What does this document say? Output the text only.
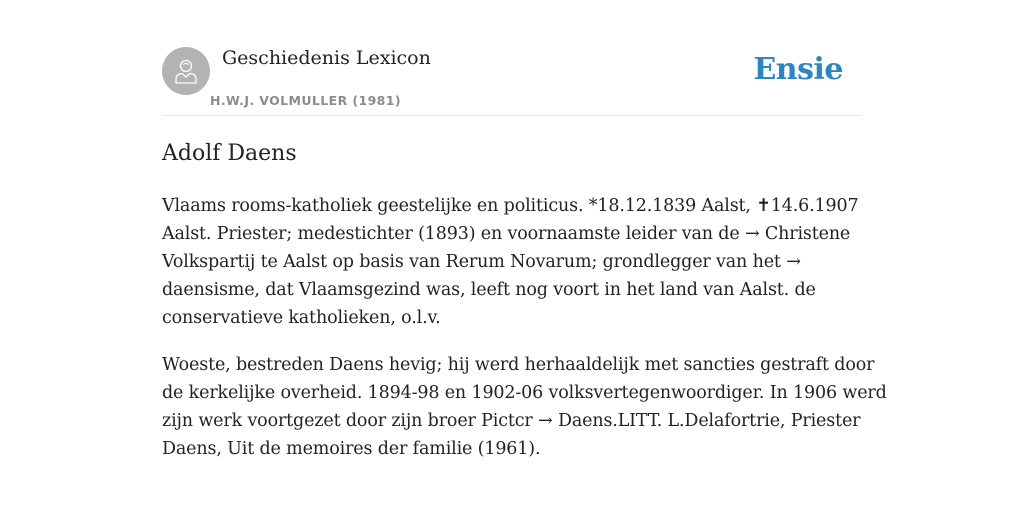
Geschiedenis Lexicon
H.W.J. VOLMULLER (1981)
Ensie
Adolf Daens

Vlaams rooms-katholiek geestelijke en politicus. *18.12.1839 Aalst, ✝14.6.1907
Aalst. Priester; medestichter (1893) en voornaamste leider van de → Christene
Volkspartij te Aalst op basis van Rerum Novarum; grondlegger van het →
daensisme, dat Vlaamsgezind was, leeft nog voort in het land van Aalst. de
conservatieve katholieken, o.l.v.

Woeste, bestreden Daens hevig; hij werd herhaaldelijk met sancties gestraft door
de kerkelijke overheid. 1894-98 en 1902-06 volksvertegenwoordiger. In 1906 werd
zijn werk voortgezet door zijn broer Pictcr → Daens.LITT. L.Delafortrie, Priester
Daens, Uit de memoires der familie (1961).
